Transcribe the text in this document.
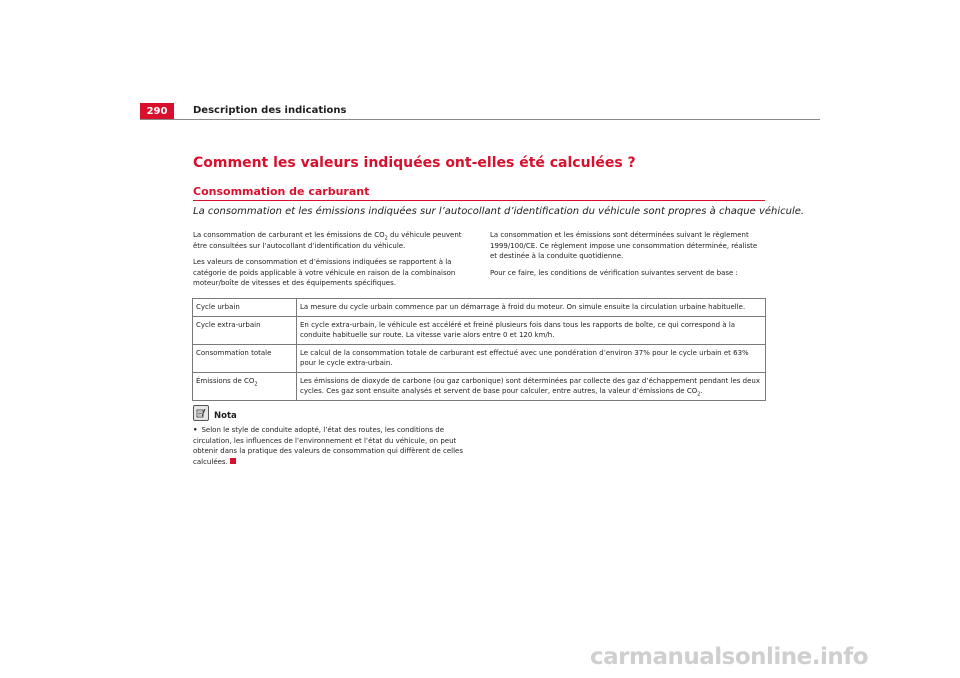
290	Description des indications
Comment les valeurs indiquées ont-elles été calculées ?
Consommation de carburant

La consommation et les émissions indiquées sur l’autocollant d’identification du véhicule sont propres à chaque véhicule.

La consommation de carburant et les émissions de $CO_2$ du véhicule peuvent être consultées sur l’autocollant d’identification du véhicule.

Les valeurs de consommation et d’émissions indiquées se rapportent à la catégorie de poids applicable à votre véhicule en raison de la combinaison moteur/boîte de vitesses et des équipements spécifiques.

La consommation et les émissions sont déterminées suivant le règlement 1999/100/CE. Ce règlement impose une consommation déterminée, réaliste et destinée à la conduite quotidienne.

Pour ce faire, les conditions de vérification suivantes servent de base :

Cycle urbain	La mesure du cycle urbain commence par un démarrage à froid du moteur. On simule ensuite la circulation urbaine habituelle.
Cycle extra-urbain	En cycle extra-urbain, le véhicule est accéléré et freiné plusieurs fois dans tous les rapports de boîte, ce qui correspond à la conduite habituelle sur route. La vitesse varie alors entre 0 et 120 km/h.
Consommation totale	Le calcul de la consommation totale de carburant est effectué avec une pondération d’environ 37% pour le cycle urbain et 63% pour le cycle extra-urbain.
Émissions de $CO_2$	Les émissions de dioxyde de carbone (ou gaz carbonique) sont déterminées par collecte des gaz d’échappement pendant les deux cycles. Ces gaz sont ensuite analysés et servent de base pour calculer, entre autres, la valeur d’émissions de $CO_2$.
Nota
• Selon le style de conduite adopté, l’état des routes, les conditions de circulation, les influences de l’environnement et l’état du véhicule, on peut obtenir dans la pratique des valeurs de consommation qui diffèrent de celles calculées.
carmanualsonline.info
